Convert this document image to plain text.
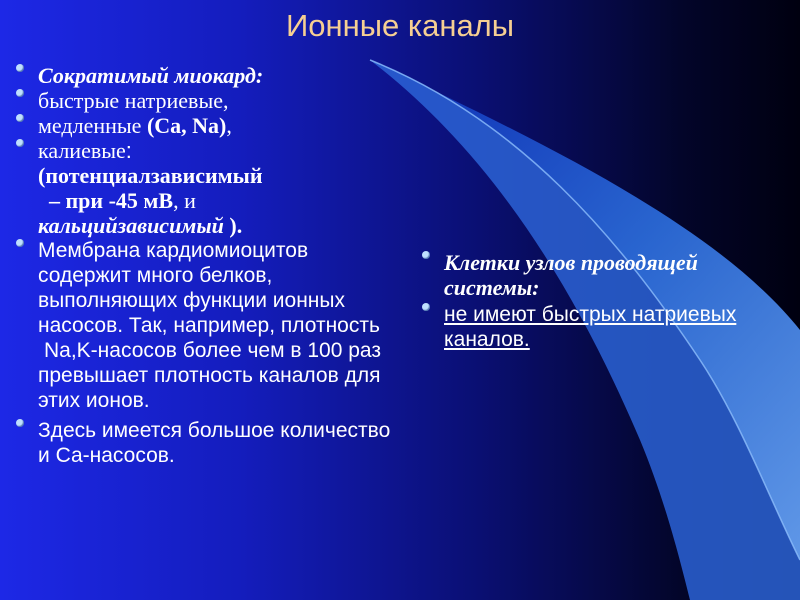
Ионные каналы

Сократимый миокард:

быстрые натриевые,

медленные (Ca, Na),

калиевые:
(потенциалзависимый
– при -45 мВ, и
кальцийзависимый ).

Мембрана кардиомиоцитов содержит много белков, выполняющих функции ионных насосов. Так, например, плотность

Na,K-насосов более чем в 100 раз превышает плотность каналов для этих ионов.

Здесь имеется большое количество и Са-насосов.

Клетки узлов проводящей системы:

не имеют быстрых натриевых каналов.
